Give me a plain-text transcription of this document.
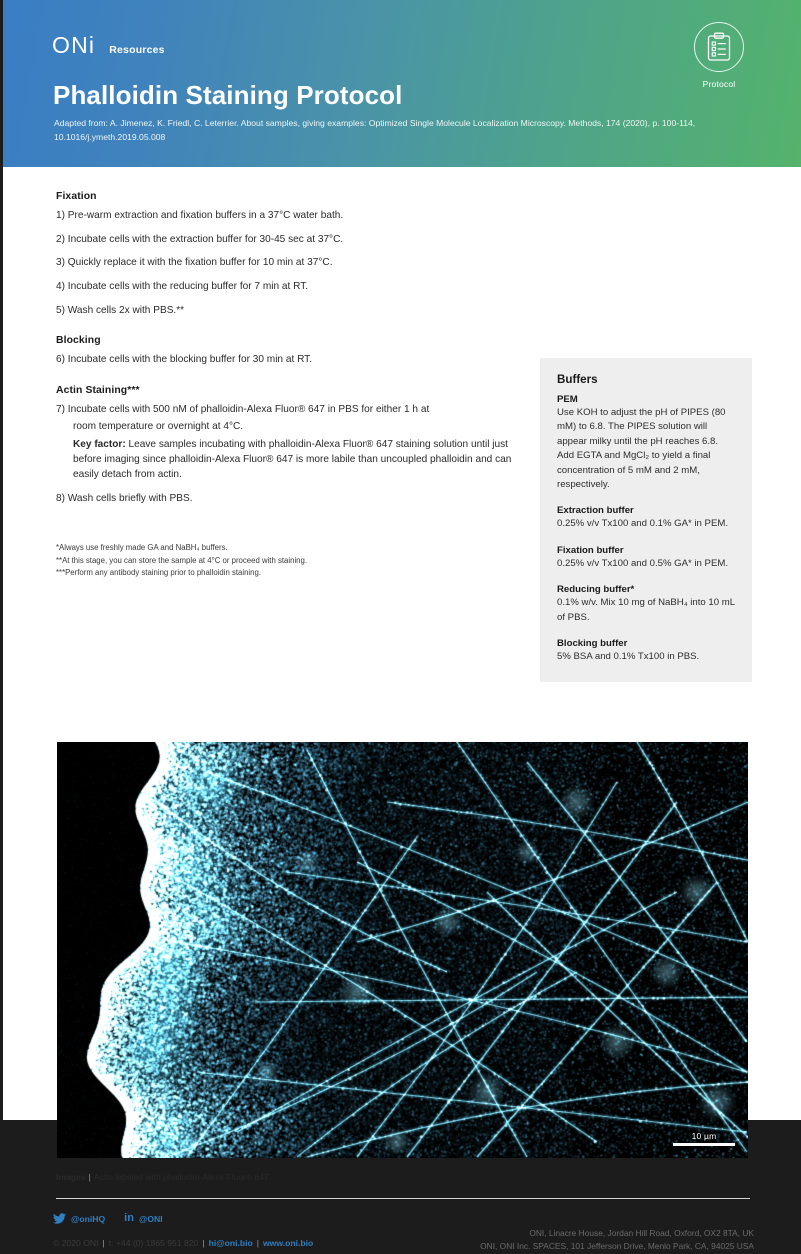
ONi Resources
Phalloidin Staining Protocol

Adapted from: A. Jimenez, K. Friedl, C. Leterrier. About samples, giving examples: Optimized Single Molecule Localization Microscopy. Methods, 174 (2020), p. 100-114, 10.1016/j.ymeth.2019.05.008

Protocol
Fixation

1) Pre-warm extraction and fixation buffers in a 37°C water bath.

2) Incubate cells with the extraction buffer for 30-45 sec at 37°C.

3) Quickly replace it with the fixation buffer for 10 min at 37°C.

4) Incubate cells with the reducing buffer for 7 min at RT.

5) Wash cells 2x with PBS.**

Blocking

6) Incubate cells with the blocking buffer for 30 min at RT.

Actin Staining***

7) Incubate cells with 500 nM of phalloidin-Alexa Fluor® 647 in PBS for either 1 h at

room temperature or overnight at 4°C.

Key factor: Leave samples incubating with phalloidin-Alexa Fluor® 647 staining solution until just before imaging since phalloidin-Alexa Fluor® 647 is more labile than uncoupled phalloidin and can easily detach from actin.

8) Wash cells briefly with PBS.

*Always use freshly made GA and NaBH₄ buffers.
**At this stage, you can store the sample at 4°C or proceed with staining.
***Perform any antibody staining prior to phalloidin staining.
Buffers
PEM

Use KOH to adjust the pH of PIPES (80 mM) to 6.8. The PIPES solution will appear milky until the pH reaches 6.8. Add EGTA and MgCl₂ to yield a final concentration of 5 mM and 2 mM, respectively.

Extraction buffer

0.25% v/v Tx100 and 0.1% GA* in PEM.

Fixation buffer

0.25% v/v Tx100 and 0.5% GA* in PEM.

Reducing buffer*

0.1% w/v. Mix 10 mg of NaBH₄ into 10 mL of PBS.

Blocking buffer

5% BSA and 0.1% Tx100 in PBS.

10 µm
Images | Actin labeled with phalloidin-Alexa Fluor® 647.
@oniHQ in @ONI
© 2020 ONI | t: +44 (0) 1865 951 820 | hi@oni.bio | www.oni.bio
ONI, Linacre House, Jordan Hill Road, Oxford, OX2 8TA, UK
ONI, ONI Inc. SPACES, 101 Jefferson Drive, Menlo Park, CA, 94025 USA
